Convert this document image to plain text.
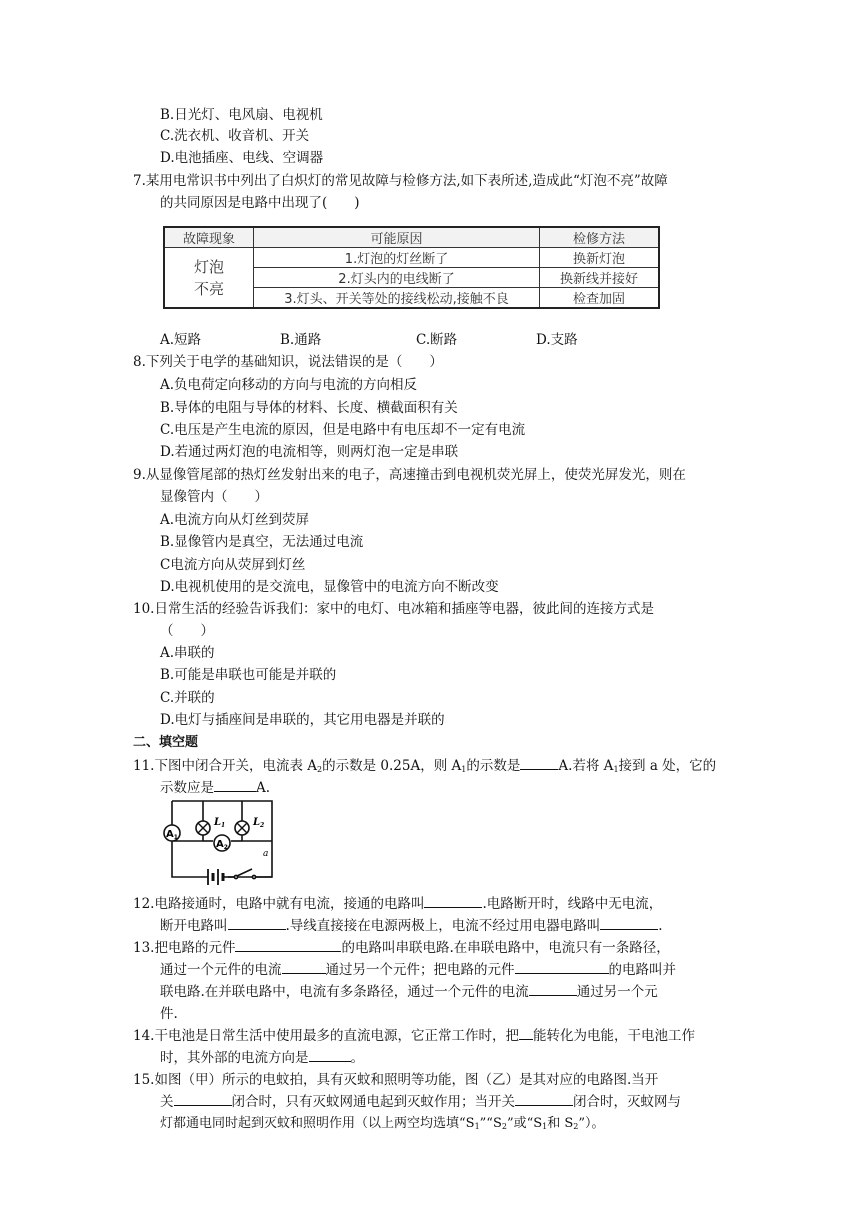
B.日光灯、电风扇、电视机
C.洗衣机、收音机、开关
D.电池插座、电线、空调器
7.某用电常识书中列出了白炽灯的常见故障与检修方法,如下表所述,造成此“灯泡不亮”故障
的共同原因是电路中出现了(　　)
故障现象	可能原因	检修方法
灯泡
不亮	1.灯泡的灯丝断了	换新灯泡
	2.灯头内的电线断了	换新线并接好
	3.灯头、开关等处的接线松动,接触不良	检查加固
A.短路	B.通路	C.断路	D.支路
8.下列关于电学的基础知识，说法错误的是（　　）
A.负电荷定向移动的方向与电流的方向相反
B.导体的电阻与导体的材料、长度、横截面积有关
C.电压是产生电流的原因，但是电路中有电压却不一定有电流
D.若通过两灯泡的电流相等，则两灯泡一定是串联
9.从显像管尾部的热灯丝发射出来的电子，高速撞击到电视机荧光屏上，使荧光屏发光，则在
显像管内（　　）
A.电流方向从灯丝到荧屏
B.显像管内是真空，无法通过电流
C电流方向从荧屏到灯丝
D.电视机使用的是交流电，显像管中的电流方向不断改变
10.日常生活的经验告诉我们：家中的电灯、电冰箱和插座等电器，彼此间的连接方式是
（　　）
A.串联的
B.可能是串联也可能是并联的
C.并联的
D.电灯与插座间是串联的，其它用电器是并联的
二、填空题
11.下图中闭合开关，电流表 $A_2$的示数是 0.25A，则 $A_1$的示数是	A.若将 $A_1$接到 a 处，它的
示数应是	A.
$A_1$
$L_1$	$L_2$
$A_2$
a
12.电路接通时，电路中就有电流，接通的电路叫	.电路断开时，线路中无电流，
断开电路叫	.导线直接接在电源两极上，电流不经过用电器电路叫	.
13.把电路的元件	的电路叫串联电路.在串联电路中，电流只有一条路径，
通过一个元件的电流	通过另一个元件；把电路的元件	的电路叫并
联电路.在并联电路中，电流有多条路径，通过一个元件的电流	通过另一个元
件.
14.干电池是日常生活中使用最多的直流电源，它正常工作时，把 能转化为电能，干电池工作
时，其外部的电流方向是	。
15.如图（甲）所示的电蚊拍，具有灭蚊和照明等功能，图（乙）是其对应的电路图.当开
关	闭合时，只有灭蚊网通电起到灭蚊作用；当开关	闭合时，灭蚊网与
灯都通电同时起到灭蚊和照明作用（以上两空均选填“$S_1”“S_2$”或“$S_1$和 $S_2$”）。
